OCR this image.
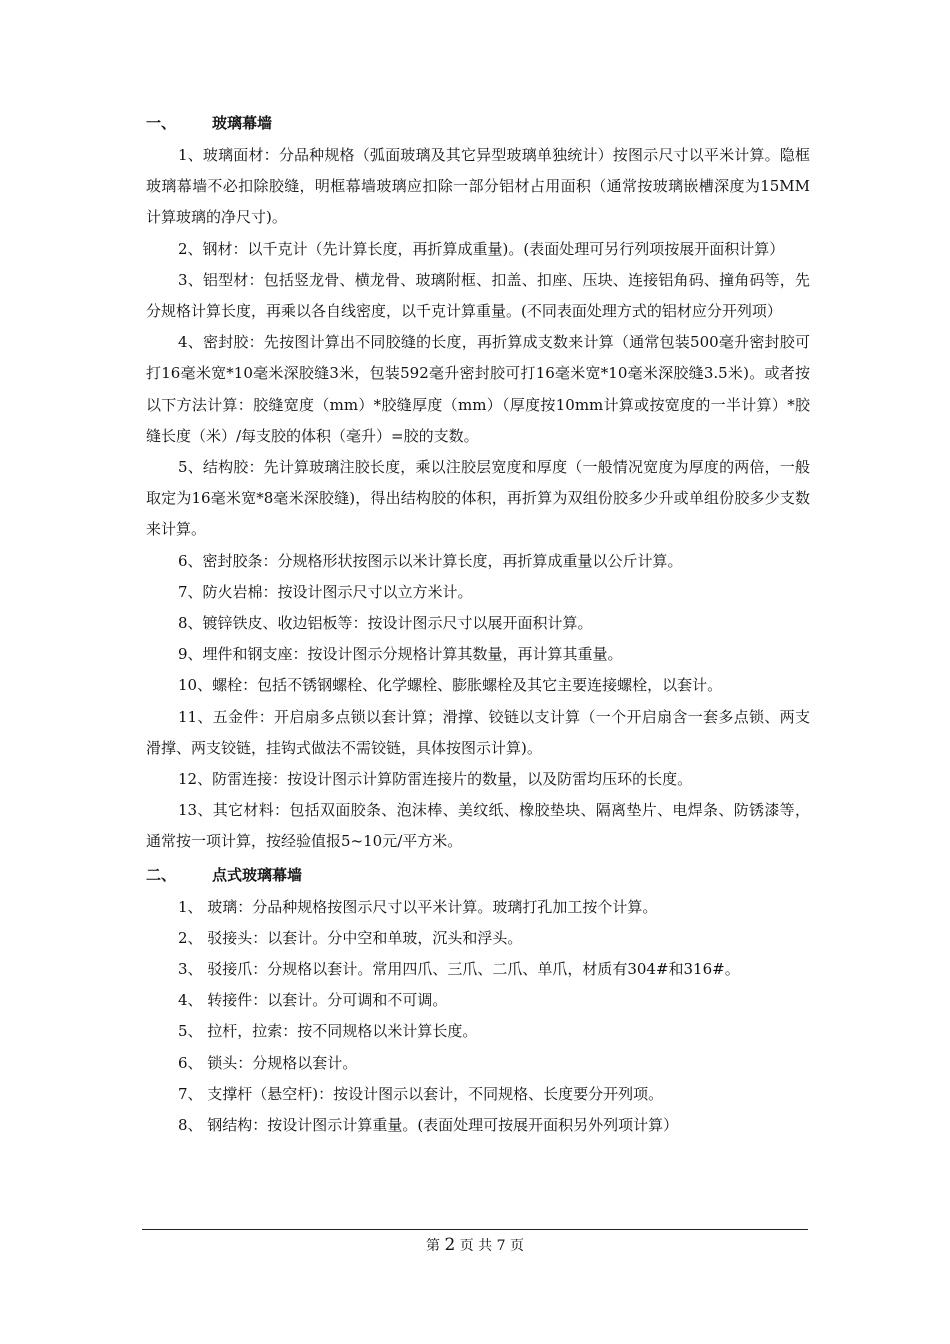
一、 玻璃幕墙

1、玻璃面材：分品种规格（弧面玻璃及其它异型玻璃单独统计）按图示尺寸以平米计算。隐框玻璃幕墙不必扣除胶缝，明框幕墙玻璃应扣除一部分铝材占用面积（通常按玻璃嵌槽深度为15MM计算玻璃的净尺寸)。

2、钢材：以千克计（先计算长度，再折算成重量)。(表面处理可另行列项按展开面积计算）

3、铝型材：包括竖龙骨、横龙骨、玻璃附框、扣盖、扣座、压块、连接铝角码、撞角码等，先分规格计算长度，再乘以各自线密度，以千克计算重量。(不同表面处理方式的铝材应分开列项）

4、密封胶：先按图计算出不同胶缝的长度，再折算成支数来计算（通常包装500毫升密封胶可打16毫米宽*10毫米深胶缝3米，包装592毫升密封胶可打16毫米宽*10毫米深胶缝3.5米)。或者按以下方法计算：胶缝宽度（mm）*胶缝厚度（mm）（厚度按10mm计算或按宽度的一半计算）*胶缝长度（米）/每支胶的体积（毫升）=胶的支数。

5、结构胶：先计算玻璃注胶长度，乘以注胶层宽度和厚度（一般情况宽度为厚度的两倍，一般取定为16毫米宽*8毫米深胶缝)，得出结构胶的体积，再折算为双组份胶多少升或单组份胶多少支数来计算。

6、密封胶条：分规格形状按图示以米计算长度，再折算成重量以公斤计算。

7、防火岩棉：按设计图示尺寸以立方米计。

8、镀锌铁皮、收边铝板等：按设计图示尺寸以展开面积计算。

9、埋件和钢支座：按设计图示分规格计算其数量，再计算其重量。

10、螺栓：包括不锈钢螺栓、化学螺栓、膨胀螺栓及其它主要连接螺栓，以套计。

11、五金件：开启扇多点锁以套计算；滑撑、铰链以支计算（一个开启扇含一套多点锁、两支滑撑、两支铰链，挂钩式做法不需铰链，具体按图示计算)。

12、防雷连接：按设计图示计算防雷连接片的数量，以及防雷均压环的长度。

13、其它材料：包括双面胶条、泡沫棒、美纹纸、橡胶垫块、隔离垫片、电焊条、防锈漆等，通常按一项计算，按经验值报5~10元/平方米。

二、 点式玻璃幕墙

1、 玻璃：分品种规格按图示尺寸以平米计算。玻璃打孔加工按个计算。

2、 驳接头：以套计。分中空和单玻，沉头和浮头。

3、 驳接爪：分规格以套计。常用四爪、三爪、二爪、单爪，材质有304#和316#。

4、 转接件：以套计。分可调和不可调。

5、 拉杆，拉索：按不同规格以米计算长度。

6、 锁头：分规格以套计。

7、 支撑杆（悬空杆)：按设计图示以套计，不同规格、长度要分开列项。

8、 钢结构：按设计图示计算重量。(表面处理可按展开面积另外列项计算）

第 2 页 共 7 页
